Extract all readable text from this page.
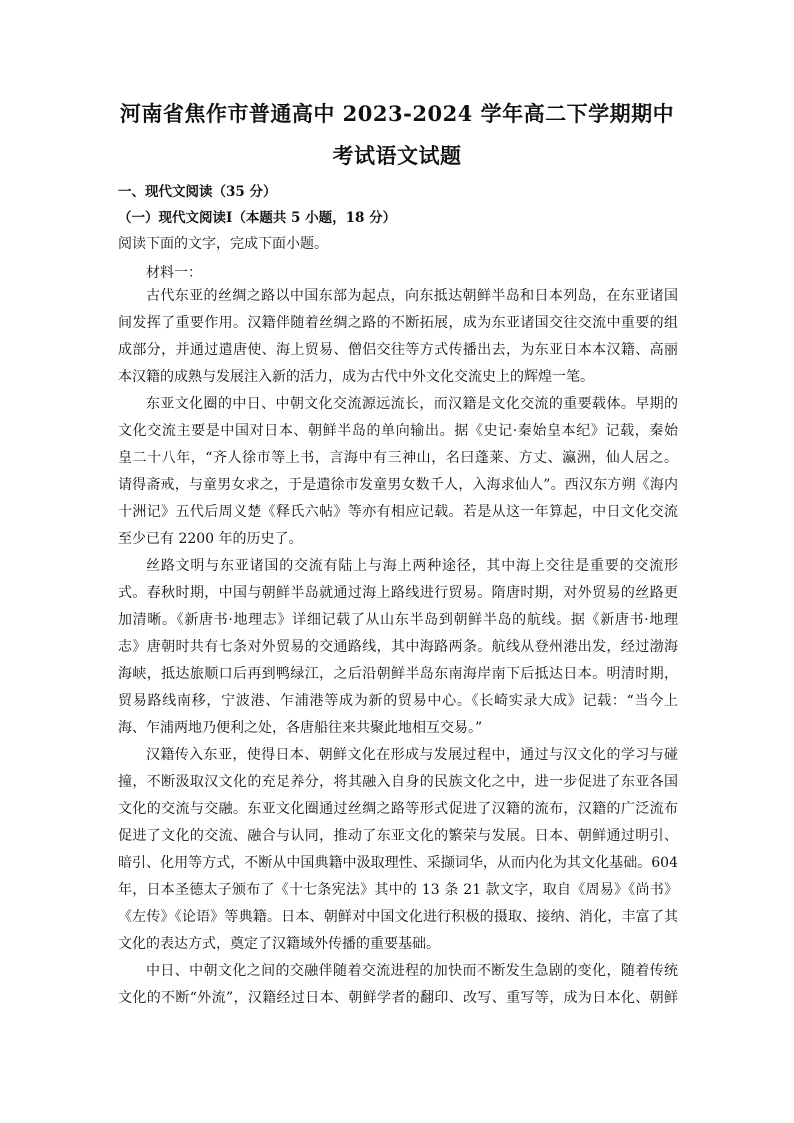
河南省焦作市普通高中 2023-2024 学年高二下学期期中
考试语文试题
一、现代文阅读（35 分）
（一）现代文阅读Ⅰ（本题共 5 小题，18 分）
阅读下面的文字，完成下面小题。
材料一：
古代东亚的丝绸之路以中国东部为起点，向东抵达朝鲜半岛和日本列岛，在东亚诸国
间发挥了重要作用。汉籍伴随着丝绸之路的不断拓展，成为东亚诸国交往交流中重要的组
成部分，并通过遣唐使、海上贸易、僧侣交往等方式传播出去，为东亚日本本汉籍、高丽
本汉籍的成熟与发展注入新的活力，成为古代中外文化交流史上的辉煌一笔。
东亚文化圈的中日、中朝文化交流源远流长，而汉籍是文化交流的重要载体。早期的
文化交流主要是中国对日本、朝鲜半岛的单向输出。据《史记·秦始皇本纪》记载，秦始
皇二十八年，“齐人徐市等上书，言海中有三神山，名曰蓬莱、方丈、瀛洲，仙人居之。
请得斋戒，与童男女求之，于是遣徐市发童男女数千人，入海求仙人”。西汉东方朔《海内
十洲记》五代后周义楚《释氏六帖》等亦有相应记载。若是从这一年算起，中日文化交流
至少已有 2200 年的历史了。
丝路文明与东亚诸国的交流有陆上与海上两种途径，其中海上交往是重要的交流形
式。春秋时期，中国与朝鲜半岛就通过海上路线进行贸易。隋唐时期，对外贸易的丝路更
加清晰。《新唐书·地理志》详细记载了从山东半岛到朝鲜半岛的航线。据《新唐书·地理
志》唐朝时共有七条对外贸易的交通路线，其中海路两条。航线从登州港出发，经过渤海
海峡，抵达旅顺口后再到鸭绿江，之后沿朝鲜半岛东南海岸南下后抵达日本。明清时期，
贸易路线南移，宁波港、乍浦港等成为新的贸易中心。《长崎实录大成》记载：“当今上
海、乍浦两地乃便利之处，各唐船往来共聚此地相互交易。”
汉籍传入东亚，使得日本、朝鲜文化在形成与发展过程中，通过与汉文化的学习与碰
撞，不断汲取汉文化的充足养分，将其融入自身的民族文化之中，进一步促进了东亚各国
文化的交流与交融。东亚文化圈通过丝绸之路等形式促进了汉籍的流布，汉籍的广泛流布
促进了文化的交流、融合与认同，推动了东亚文化的繁荣与发展。日本、朝鲜通过明引、
暗引、化用等方式，不断从中国典籍中汲取理性、采撷词华，从而内化为其文化基础。604
年，日本圣德太子颁布了《十七条宪法》其中的 13 条 21 款文字，取自《周易》《尚书》
《左传》《论语》等典籍。日本、朝鲜对中国文化进行积极的摄取、接纳、消化，丰富了其
文化的表达方式，奠定了汉籍域外传播的重要基础。
中日、中朝文化之间的交融伴随着交流进程的加快而不断发生急剧的变化，随着传统
文化的不断“外流”，汉籍经过日本、朝鲜学者的翻印、改写、重写等，成为日本化、朝鲜
